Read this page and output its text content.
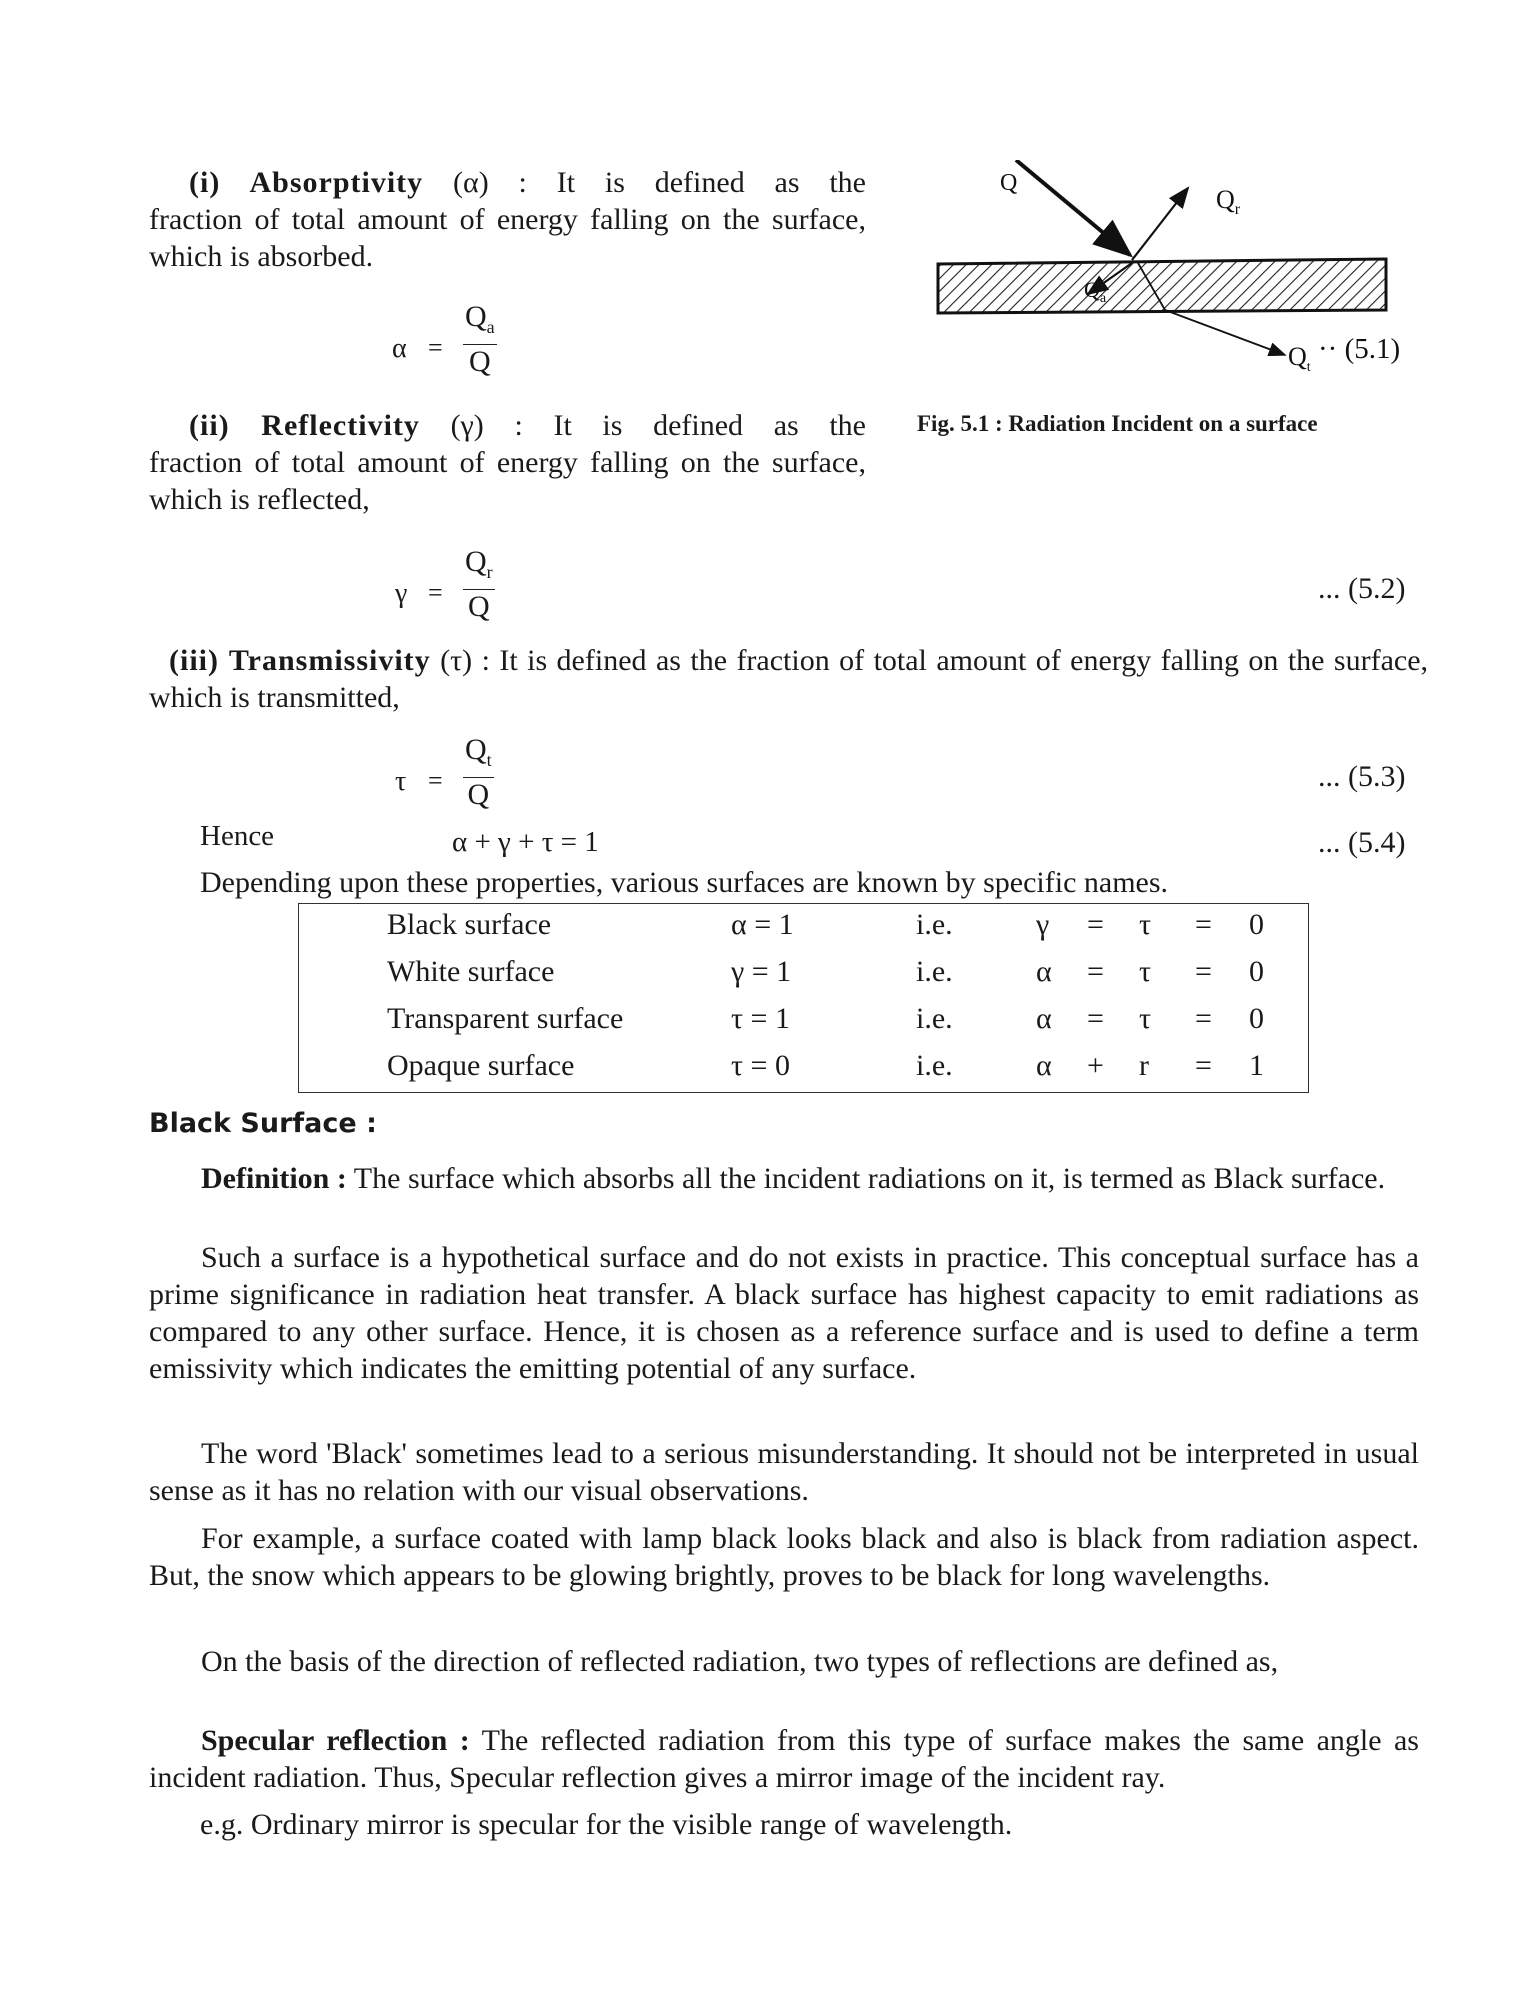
(i) Absorptivity (α) : It is defined as the
fraction of total amount of energy falling on the surface, which is absorbed.
$\alpha = \frac{Q_a}{Q}$
Q
$Q_r$
$Q_a$
$Q_t$
·· (5.1)
Fig. 5.1 : Radiation Incident on a surface
(ii) Reflectivity (γ) : It is defined as the
fraction of total amount of energy falling on the surface, which is reflected,
$\gamma = \frac{Q_r}{Q}$	... (5.2)
(iii) Transmissivity (τ) : It is defined as the fraction of total amount of energy falling on the surface, which is transmitted,
$\tau = \frac{Q_t}{Q}$	... (5.3)
Hence	α + γ + τ = 1	... (5.4)
Depending upon these properties, various surfaces are known by specific names.
Black surface	α = 1	i.e.	γ = τ = 0
White surface	γ = 1	i.e.	α = τ = 0
Transparent surface	τ = 1	i.e.	α = τ = 0
Opaque surface	τ = 0	i.e.	α + r = 1
Black Surface :
Definition : The surface which absorbs all the incident radiations on it, is termed as Black surface.
Such a surface is a hypothetical surface and do not exists in practice. This conceptual surface has a prime significance in radiation heat transfer. A black surface has highest capacity to emit radiations as compared to any other surface. Hence, it is chosen as a reference surface and is used to define a term emissivity which indicates the emitting potential of any surface.
The word 'Black' sometimes lead to a serious misunderstanding. It should not be interpreted in usual sense as it has no relation with our visual observations.
For example, a surface coated with lamp black looks black and also is black from radiation aspect. But, the snow which appears to be glowing brightly, proves to be black for long wavelengths.
On the basis of the direction of reflected radiation, two types of reflections are defined as,
Specular reflection : The reflected radiation from this type of surface makes the same angle as incident radiation. Thus, Specular reflection gives a mirror image of the incident ray.
e.g. Ordinary mirror is specular for the visible range of wavelength.
